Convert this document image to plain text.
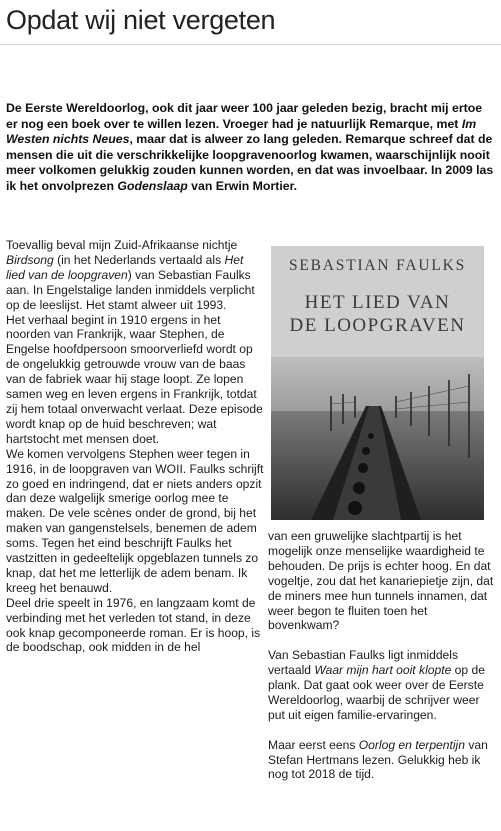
Opdat wij niet vergeten

De Eerste Wereldoorlog, ook dit jaar weer 100 jaar geleden bezig, bracht mij ertoe er nog een boek over te willen lezen. Vroeger had je natuurlijk Remarque, met Im Westen nichts Neues, maar dat is alweer zo lang geleden. Remarque schreef dat de mensen die uit die verschrikkelijke loopgravenoorlog kwamen, waarschijnlijk nooit meer volkomen gelukkig zouden kunnen worden, en dat was invoelbaar. In 2009 las ik het onvolprezen Godenslaap van Erwin Mortier.

Toevallig beval mijn Zuid-Afrikaanse nichtje Birdsong (in het Nederlands vertaald als Het lied van de loopgraven) van Sebastian Faulks aan. In Engelstalige landen inmiddels verplicht op de leeslijst. Het stamt alweer uit 1993.

Het verhaal begint in 1910 ergens in het noorden van Frankrijk, waar Stephen, de Engelse hoofdpersoon smoorverliefd wordt op de ongelukkig getrouwde vrouw van de baas van de fabriek waar hij stage loopt. Ze lopen samen weg en leven ergens in Frankrijk, totdat zij hem totaal onverwacht verlaat. Deze episode wordt knap op de huid beschreven; wat hartstocht met mensen doet.

We komen vervolgens Stephen weer tegen in 1916, in de loopgraven van WOII. Faulks schrijft zo goed en indringend, dat er niets anders opzit dan deze walgelijk smerige oorlog mee te maken. De vele scènes onder de grond, bij het maken van gangenstelsels, benemen de adem soms. Tegen het eind beschrijft Faulks het vastzitten in gedeeltelijk opgeblazen tunnels zo knap, dat het me letterlijk de adem benam. Ik kreeg het benauwd.

Deel drie speelt in 1976, en langzaam komt de verbinding met het verleden tot stand, in deze ook knap gecomponeerde roman. Er is hoop, is de boodschap, ook midden in de hel

SEBASTIAN FAULKS
HET LIED VAN
DE LOOPGRAVEN

van een gruwelijke slachtpartij is het mogelijk onze menselijke waardigheid te behouden. De prijs is echter hoog. En dat vogeltje, zou dat het kanariepietje zijn, dat de miners mee hun tunnels innamen, dat weer begon te fluiten toen het bovenkwam?

Van Sebastian Faulks ligt inmiddels vertaald Waar mijn hart ooit klopte op de plank. Dat gaat ook weer over de Eerste Wereldoorlog, waarbij de schrijver weer put uit eigen familie-ervaringen.

Maar eerst eens Oorlog en terpentijn van Stefan Hertmans lezen. Gelukkig heb ik nog tot 2018 de tijd.
